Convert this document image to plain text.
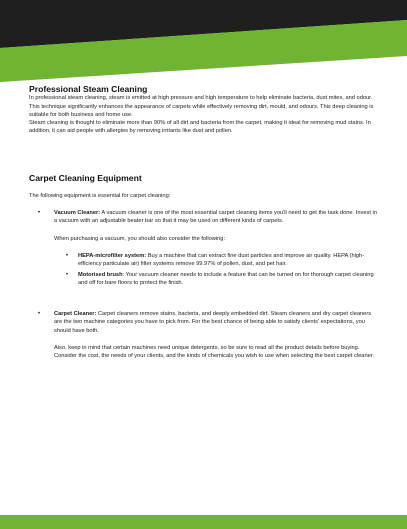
Professional Steam Cleaning

In professional steam cleaning, steam is emitted at high pressure and high temperature to help eliminate bacteria, dust mites, and odour. This technique significantly enhances the appearance of carpets while effectively removing dirt, mould, and odours. This deep cleaning is suitable for both business and home use.

Steam cleaning is thought to eliminate more than 90% of all dirt and bacteria from the carpet, making it ideal for removing mud stains. In addition, it can aid people with allergies by removing irritants like dust and pollen.

Carpet Cleaning Equipment

The following equipment is essential for carpet cleaning:

• Vacuum Cleaner: A vacuum cleaner is one of the most essential carpet cleaning items you'll need to get the task done. Invest in a vacuum with an adjustable beater bar so that it may be used on different kinds of carpets.

When purchasing a vacuum, you should also consider the following:

• HEPA-microfilter system: Buy a machine that can extract fine dust particles and improve air quality. HEPA (high-efficiency particulate air) filter systems remove 99.97% of pollen, dust, and pet hair.
• Motorised brush: Your vacuum cleaner needs to include a feature that can be turned on for thorough carpet cleaning and off for bare floors to protect the finish.
• Carpet Cleaner: Carpet cleaners remove stains, bacteria, and deeply embedded dirt. Steam cleaners and dry carpet cleaners are the two machine categories you have to pick from. For the best chance of being able to satisfy clients' expectations, you should have both.

Also, keep in mind that certain machines need unique detergents, so be sure to read all the product details before buying. Consider the cost, the needs of your clients, and the kinds of chemicals you wish to use when selecting the best carpet cleaner.
